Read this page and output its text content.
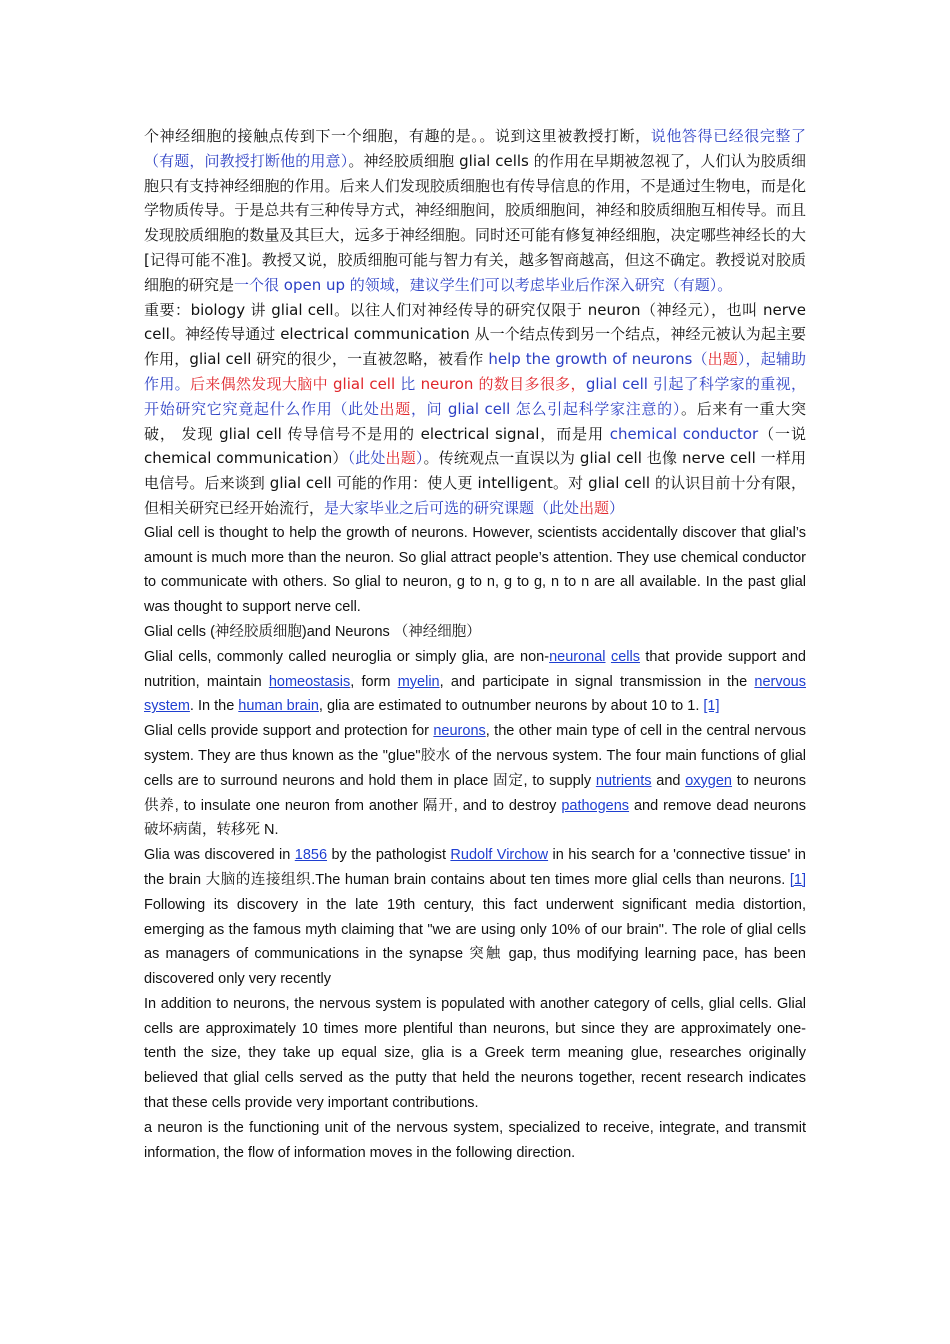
个神经细胞的接触点传到下一个细胞，有趣的是。。说到这里被教授打断，说他答得已经很完整了（有题，问教授打断他的用意）。神经胶质细胞 glial cells 的作用在早期被忽视了，人们认为胶质细胞只有支持神经细胞的作用。后来人们发现胶质细胞也有传导信息的作用，不是通过生物电，而是化学物质传导。于是总共有三种传导方式，神经细胞间，胶质细胞间，神经和胶质细胞互相传导。而且发现胶质细胞的数量及其巨大，远多于神经细胞。同时还可能有修复神经细胞，决定哪些神经长的大[记得可能不准]。教授又说，胶质细胞可能与智力有关，越多智商越高，但这不确定。教授说对胶质细胞的研究是一个很 open up 的领域，建议学生们可以考虑毕业后作深入研究（有题）。

重要：biology 讲 glial cell。以往人们对神经传导的研究仅限于 neuron（神经元），也叫 nerve cell。神经传导通过 electrical communication 从一个结点传到另一个结点，神经元被认为起主要作用，glial cell 研究的很少，一直被忽略，被看作 help the growth of neurons（出题），起辅助作用。后来偶然发现大脑中 glial cell 比 neuron 的数目多很多，glial cell 引起了科学家的重视，开始研究它究竟起什么作用（此处出题，问 glial cell 怎么引起科学家注意的）。后来有一重大突破， 发现 glial cell 传导信号不是用的 electrical signal，而是用 chemical conductor（一说 chemical communication）（此处出题）。传统观点一直误以为 glial cell 也像 nerve cell 一样用电信号。后来谈到 glial cell 可能的作用：使人更 intelligent。对 glial cell 的认识目前十分有限，但相关研究已经开始流行，是大家毕业之后可选的研究课题（此处出题）

Glial cell is thought to help the growth of neurons. However, scientists accidentally discover that glial’s amount is much more than the neuron. So glial attract people’s attention. They use chemical conductor to communicate with others. So glial to neuron, g to n, g to g, n to n are all available. In the past glial was thought to support nerve cell.

Glial cells (神经胶质细胞)and Neurons （神经细胞）

Glial cells, commonly called neuroglia or simply glia, are non-neuronal cells that provide support and nutrition, maintain homeostasis, form myelin, and participate in signal transmission in the nervous system. In the human brain, glia are estimated to outnumber neurons by about 10 to 1. [1]

Glial cells provide support and protection for neurons, the other main type of cell in the central nervous system. They are thus known as the "glue"胶水 of the nervous system. The four main functions of glial cells are to surround neurons and hold them in place 固定, to supply nutrients and oxygen to neurons 供养, to insulate one neuron from another 隔开, and to destroy pathogens and remove dead neurons 破坏病菌，转移死 N.

Glia was discovered in 1856 by the pathologist Rudolf Virchow in his search for a 'connective tissue' in the brain 大脑的连接组织.The human brain contains about ten times more glial cells than neurons. [1] Following its discovery in the late 19th century, this fact underwent significant media distortion, emerging as the famous myth claiming that "we are using only 10% of our brain". The role of glial cells as managers of communications in the synapse 突触 gap, thus modifying learning pace, has been discovered only very recently

In addition to neurons, the nervous system is populated with another category of cells, glial cells. Glial cells are approximately 10 times more plentiful than neurons, but since they are approximately one-tenth the size, they take up equal size, glia is a Greek term meaning glue, researches originally believed that glial cells served as the putty that held the neurons together, recent research indicates that these cells provide very important contributions.

a neuron is the functioning unit of the nervous system, specialized to receive, integrate, and transmit information, the flow of information moves in the following direction.
